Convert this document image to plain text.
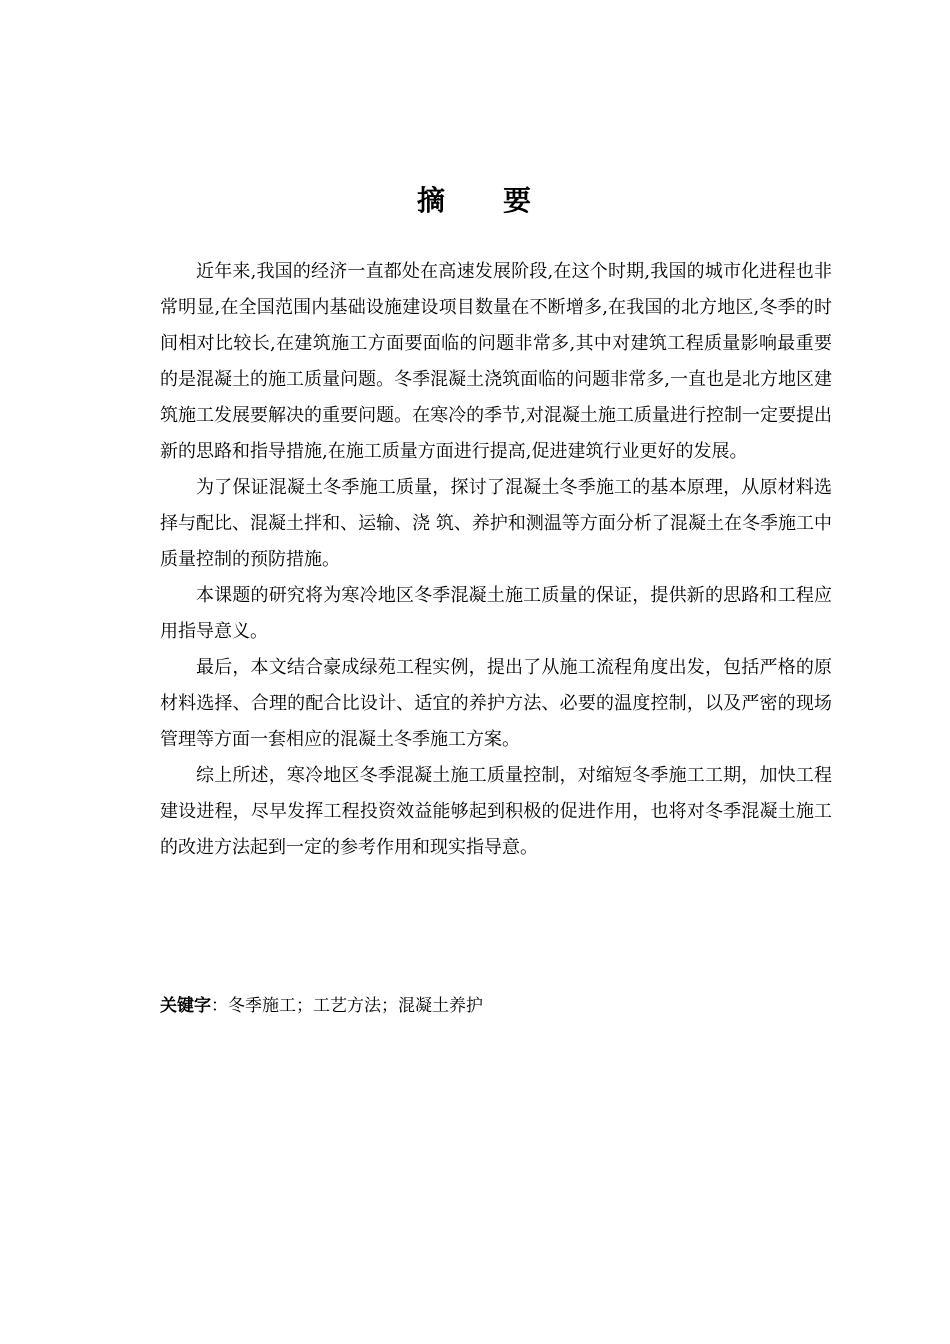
摘 要

近年来,我国的经济一直都处在高速发展阶段,在这个时期,我国的城市化进程也非常明显,在全国范围内基础设施建设项目数量在不断增多,在我国的北方地区,冬季的时间相对比较长,在建筑施工方面要面临的问题非常多,其中对建筑工程质量影响最重要的是混凝土的施工质量问题。冬季混凝土浇筑面临的问题非常多,一直也是北方地区建筑施工发展要解决的重要问题。在寒冷的季节,对混凝土施工质量进行控制一定要提出新的思路和指导措施,在施工质量方面进行提高,促进建筑行业更好的发展。

为了保证混凝土冬季施工质量，探讨了混凝土冬季施工的基本原理，从原材料选择与配比、混凝土拌和、运输、浇 筑、养护和测温等方面分析了混凝土在冬季施工中质量控制的预防措施。

本课题的研究将为寒冷地区冬季混凝土施工质量的保证，提供新的思路和工程应用指导意义。

最后，本文结合豪成绿苑工程实例，提出了从施工流程角度出发，包括严格的原材料选择、合理的配合比设计、适宜的养护方法、必要的温度控制，以及严密的现场管理等方面一套相应的混凝土冬季施工方案。

综上所述，寒冷地区冬季混凝土施工质量控制，对缩短冬季施工工期，加快工程建设进程，尽早发挥工程投资效益能够起到积极的促进作用，也将对冬季混凝土施工的改进方法起到一定的参考作用和现实指导意。

关键字：冬季施工；工艺方法；混凝土养护
